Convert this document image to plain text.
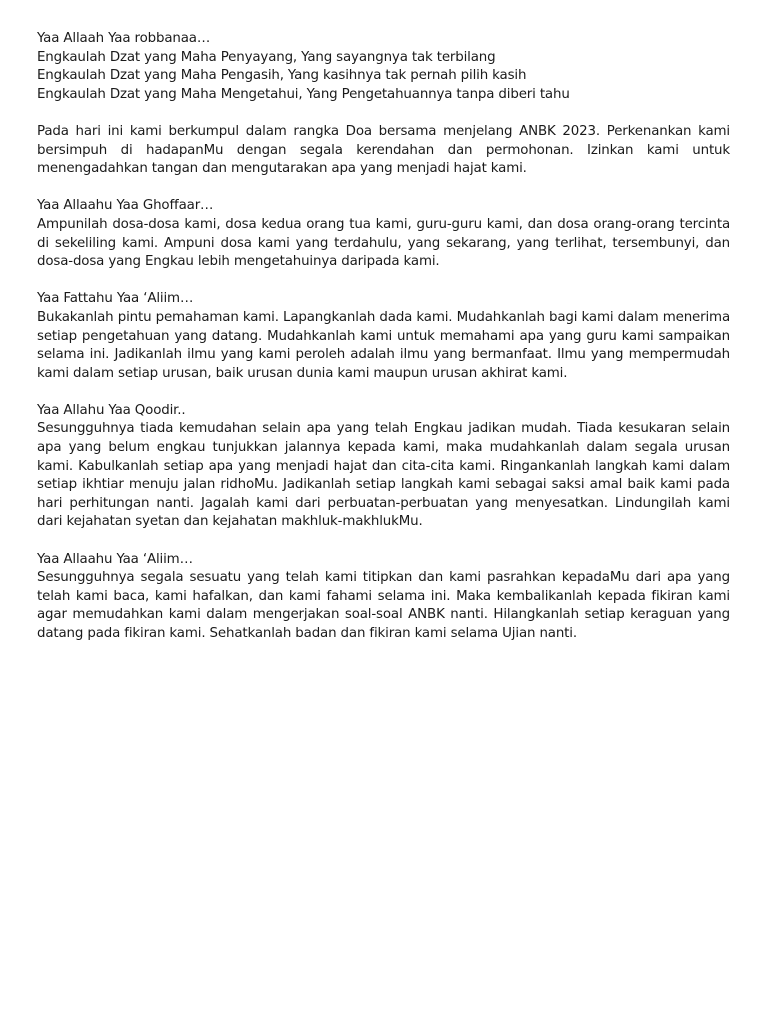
Yaa Allaah Yaa robbanaa…

Engkaulah Dzat yang Maha Penyayang, Yang sayangnya tak terbilang

Engkaulah Dzat yang Maha Pengasih, Yang kasihnya tak pernah pilih kasih

Engkaulah Dzat yang Maha Mengetahui, Yang Pengetahuannya tanpa diberi tahu

Pada hari ini kami berkumpul dalam rangka Doa bersama menjelang ANBK 2023. Perkenankan kami bersimpuh di hadapanMu dengan segala kerendahan dan permohonan. Izinkan kami untuk menengadahkan tangan dan mengutarakan apa yang menjadi hajat kami.

Yaa Allaahu Yaa Ghoffaar…

Ampunilah dosa-dosa kami, dosa kedua orang tua kami, guru-guru kami, dan dosa orang-orang tercinta di sekeliling kami. Ampuni dosa kami yang terdahulu, yang sekarang, yang terlihat, tersembunyi, dan dosa-dosa yang Engkau lebih mengetahuinya daripada kami.

Yaa Fattahu Yaa ‘Aliim…

Bukakanlah pintu pemahaman kami. Lapangkanlah dada kami. Mudahkanlah bagi kami dalam menerima setiap pengetahuan yang datang. Mudahkanlah kami untuk memahami apa yang guru kami sampaikan selama ini. Jadikanlah ilmu yang kami peroleh adalah ilmu yang bermanfaat. Ilmu yang mempermudah kami dalam setiap urusan, baik urusan dunia kami maupun urusan akhirat kami.

Yaa Allahu Yaa Qoodir..

Sesungguhnya tiada kemudahan selain apa yang telah Engkau jadikan mudah. Tiada kesukaran selain apa yang belum engkau tunjukkan jalannya kepada kami, maka mudahkanlah dalam segala urusan kami. Kabulkanlah setiap apa yang menjadi hajat dan cita-cita kami. Ringankanlah langkah kami dalam setiap ikhtiar menuju jalan ridhoMu. Jadikanlah setiap langkah kami sebagai saksi amal baik kami pada hari perhitungan nanti. Jagalah kami dari perbuatan-perbuatan yang menyesatkan. Lindungilah kami dari kejahatan syetan dan kejahatan makhluk-makhlukMu.

Yaa Allaahu Yaa ‘Aliim…

Sesungguhnya segala sesuatu yang telah kami titipkan dan kami pasrahkan kepadaMu dari apa yang telah kami baca, kami hafalkan, dan kami fahami selama ini. Maka kembalikanlah kepada fikiran kami agar memudahkan kami dalam mengerjakan soal-soal ANBK nanti. Hilangkanlah setiap keraguan yang datang pada fikiran kami. Sehatkanlah badan dan fikiran kami selama Ujian nanti.
